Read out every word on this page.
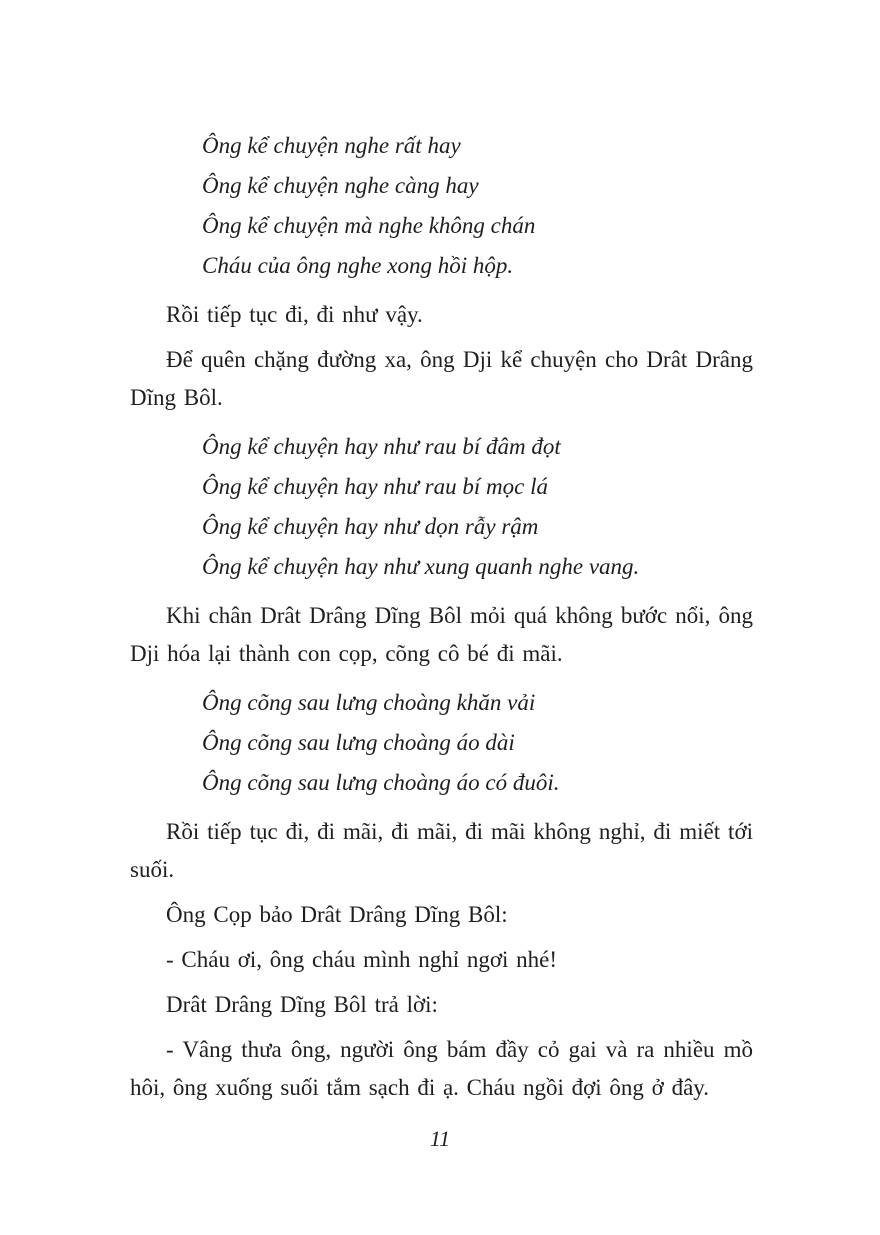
Ông kể chuyện nghe rất hay
Ông kể chuyện nghe càng hay
Ông kể chuyện mà nghe không chán
Cháu của ông nghe xong hồi hộp.

Rồi tiếp tục đi, đi như vậy.

Để quên chặng đường xa, ông Dji kể chuyện cho Drât Drâng Dĩng Bôl.

Ông kể chuyện hay như rau bí đâm đọt
Ông kể chuyện hay như rau bí mọc lá
Ông kể chuyện hay như dọn rẫy rậm
Ông kể chuyện hay như xung quanh nghe vang.

Khi chân Drât Drâng Dĩng Bôl mỏi quá không bước nổi, ông Dji hóa lại thành con cọp, cõng cô bé đi mãi.

Ông cõng sau lưng choàng khăn vải
Ông cõng sau lưng choàng áo dài
Ông cõng sau lưng choàng áo có đuôi.

Rồi tiếp tục đi, đi mãi, đi mãi, đi mãi không nghỉ, đi miết tới suối.

Ông Cọp bảo Drât Drâng Dĩng Bôl:

- Cháu ơi, ông cháu mình nghỉ ngơi nhé!

Drât Drâng Dĩng Bôl trả lời:

- Vâng thưa ông, người ông bám đầy cỏ gai và ra nhiều mồ hôi, ông xuống suối tắm sạch đi ạ. Cháu ngồi đợi ông ở đây.

11
